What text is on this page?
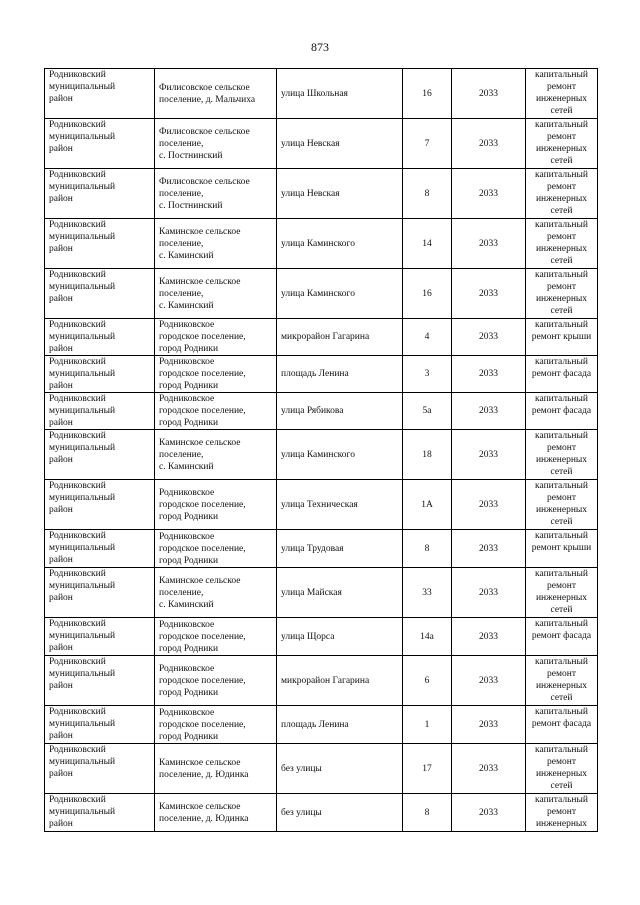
873
Родниковский
муниципальный
район	Филисовское сельское
поселение, д. Мальчиха	улица Школьная	16	2033	капитальный
ремонт
инженерных
сетей
Родниковский
муниципальный
район	Филисовское сельское
поселение,
с. Постнинский	улица Невская	7	2033	капитальный
ремонт
инженерных
сетей
Родниковский
муниципальный
район	Филисовское сельское
поселение,
с. Постнинский	улица Невская	8	2033	капитальный
ремонт
инженерных
сетей
Родниковский
муниципальный
район	Каминское сельское
поселение,
с. Каминский	улица Каминского	14	2033	капитальный
ремонт
инженерных
сетей
Родниковский
муниципальный
район	Каминское сельское
поселение,
с. Каминский	улица Каминского	16	2033	капитальный
ремонт
инженерных
сетей
Родниковский
муниципальный
район	Родниковское
городское поселение,
город Родники	микрорайон Гагарина	4	2033	капитальный
ремонт крыши
Родниковский
муниципальный
район	Родниковское
городское поселение,
город Родники	площадь Ленина	3	2033	капитальный
ремонт фасада
Родниковский
муниципальный
район	Родниковское
городское поселение,
город Родники	улица Рябикова	5а	2033	капитальный
ремонт фасада
Родниковский
муниципальный
район	Каминское сельское
поселение,
с. Каминский	улица Каминского	18	2033	капитальный
ремонт
инженерных
сетей
Родниковский
муниципальный
район	Родниковское
городское поселение,
город Родники	улица Техническая	1А	2033	капитальный
ремонт
инженерных
сетей
Родниковский
муниципальный
район	Родниковское
городское поселение,
город Родники	улица Трудовая	8	2033	капитальный
ремонт крыши
Родниковский
муниципальный
район	Каминское сельское
поселение,
с. Каминский	улица Майская	33	2033	капитальный
ремонт
инженерных
сетей
Родниковский
муниципальный
район	Родниковское
городское поселение,
город Родники	улица Щорса	14а	2033	капитальный
ремонт фасада
Родниковский
муниципальный
район	Родниковское
городское поселение,
город Родники	микрорайон Гагарина	6	2033	капитальный
ремонт
инженерных
сетей
Родниковский
муниципальный
район	Родниковское
городское поселение,
город Родники	площадь Ленина	1	2033	капитальный
ремонт фасада
Родниковский
муниципальный
район	Каминское сельское
поселение, д. Юдинка	без улицы	17	2033	капитальный
ремонт
инженерных
сетей
Родниковский
муниципальный
район	Каминское сельское
поселение, д. Юдинка	без улицы	8	2033	капитальный
ремонт
инженерных
